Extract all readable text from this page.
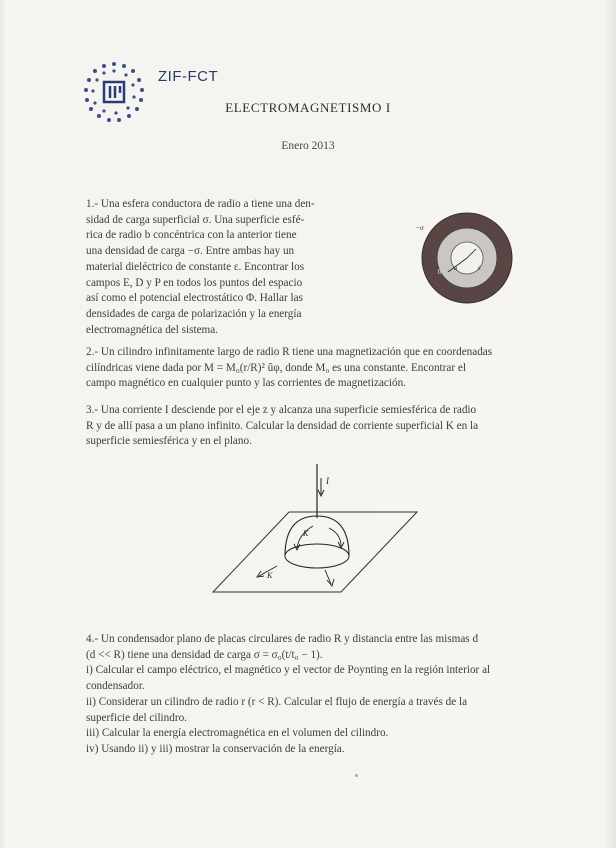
ZIF-FCT
ELECTROMAGNETISMO I
Enero 2013
1.- Una esfera conductora de radio a tiene una den-
sidad de carga superficial σ. Una superficie esfé-
rica de radio b concéntrica con la anterior tiene
una densidad de carga −σ. Entre ambas hay un
material dieléctrico de constante ε. Encontrar los
campos E, D y P en todos los puntos del espacio
así como el potencial electrostático Φ. Hallar las
densidades de carga de polarización y la energía
electromagnética del sistema.
−σ
a
b	ε
2.- Un cilindro infinitamente largo de radio R tiene una magnetización que en coordenadas
cilíndricas viene dada por M = M₀(r/R)² ûφ, donde M₀ es una constante. Encontrar el
campo magnético en cualquier punto y las corrientes de magnetización.
3.- Una corriente I desciende por el eje z y alcanza una superficie semiesférica de radio
R y de allí pasa a un plano infinito. Calcular la densidad de corriente superficial K en la
superficie semiesférica y en el plano.
I
K
K
4.- Un condensador plano de placas circulares de radio R y distancia entre las mismas d
(d << R) tiene una densidad de carga σ = σ₀(t/t₀ − 1).
i) Calcular el campo eléctrico, el magnético y el vector de Poynting en la región interior al
condensador.
ii) Considerar un cilindro de radio r (r < R). Calcular el flujo de energía a través de la
superficie del cilindro.
iii) Calcular la energía electromagnética en el volumen del cilindro.
iv) Usando ii) y iii) mostrar la conservación de la energía.
